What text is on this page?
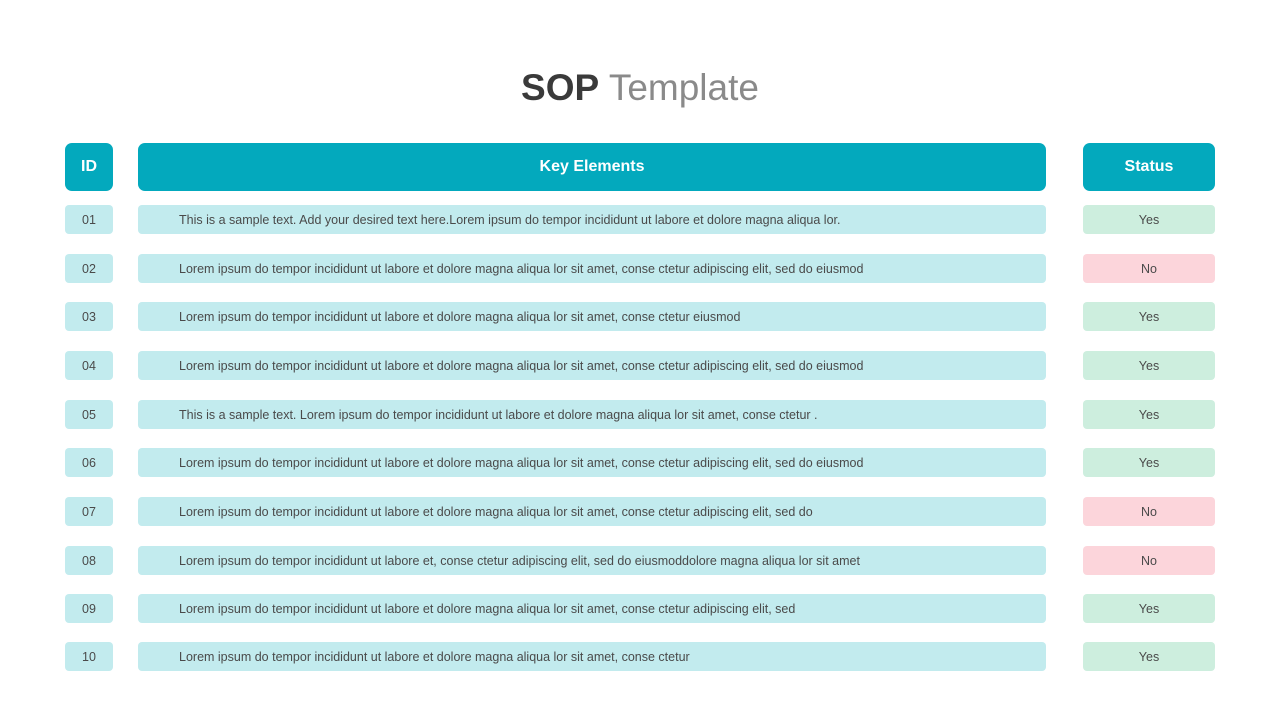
SOP Template
ID	Key Elements	Status
01	This is a sample text. Add your desired text here.Lorem ipsum do tempor incididunt ut labore et dolore magna aliqua lor.	Yes
02	Lorem ipsum do tempor incididunt ut labore et dolore magna aliqua lor sit amet, conse ctetur adipiscing elit, sed do eiusmod	No
03	Lorem ipsum do tempor incididunt ut labore et dolore magna aliqua lor sit amet, conse ctetur eiusmod	Yes
04	Lorem ipsum do tempor incididunt ut labore et dolore magna aliqua lor sit amet, conse ctetur adipiscing elit, sed do eiusmod	Yes
05	This is a sample text. Lorem ipsum do tempor incididunt ut labore et dolore magna aliqua lor sit amet, conse ctetur .	Yes
06	Lorem ipsum do tempor incididunt ut labore et dolore magna aliqua lor sit amet, conse ctetur adipiscing elit, sed do eiusmod	Yes
07	Lorem ipsum do tempor incididunt ut labore et dolore magna aliqua lor sit amet, conse ctetur adipiscing elit, sed do	No
08	Lorem ipsum do tempor incididunt ut labore et, conse ctetur adipiscing elit, sed do eiusmoddolore magna aliqua lor sit amet	No
09	Lorem ipsum do tempor incididunt ut labore et dolore magna aliqua lor sit amet, conse ctetur adipiscing elit, sed	Yes
10	Lorem ipsum do tempor incididunt ut labore et dolore magna aliqua lor sit amet, conse ctetur	Yes
